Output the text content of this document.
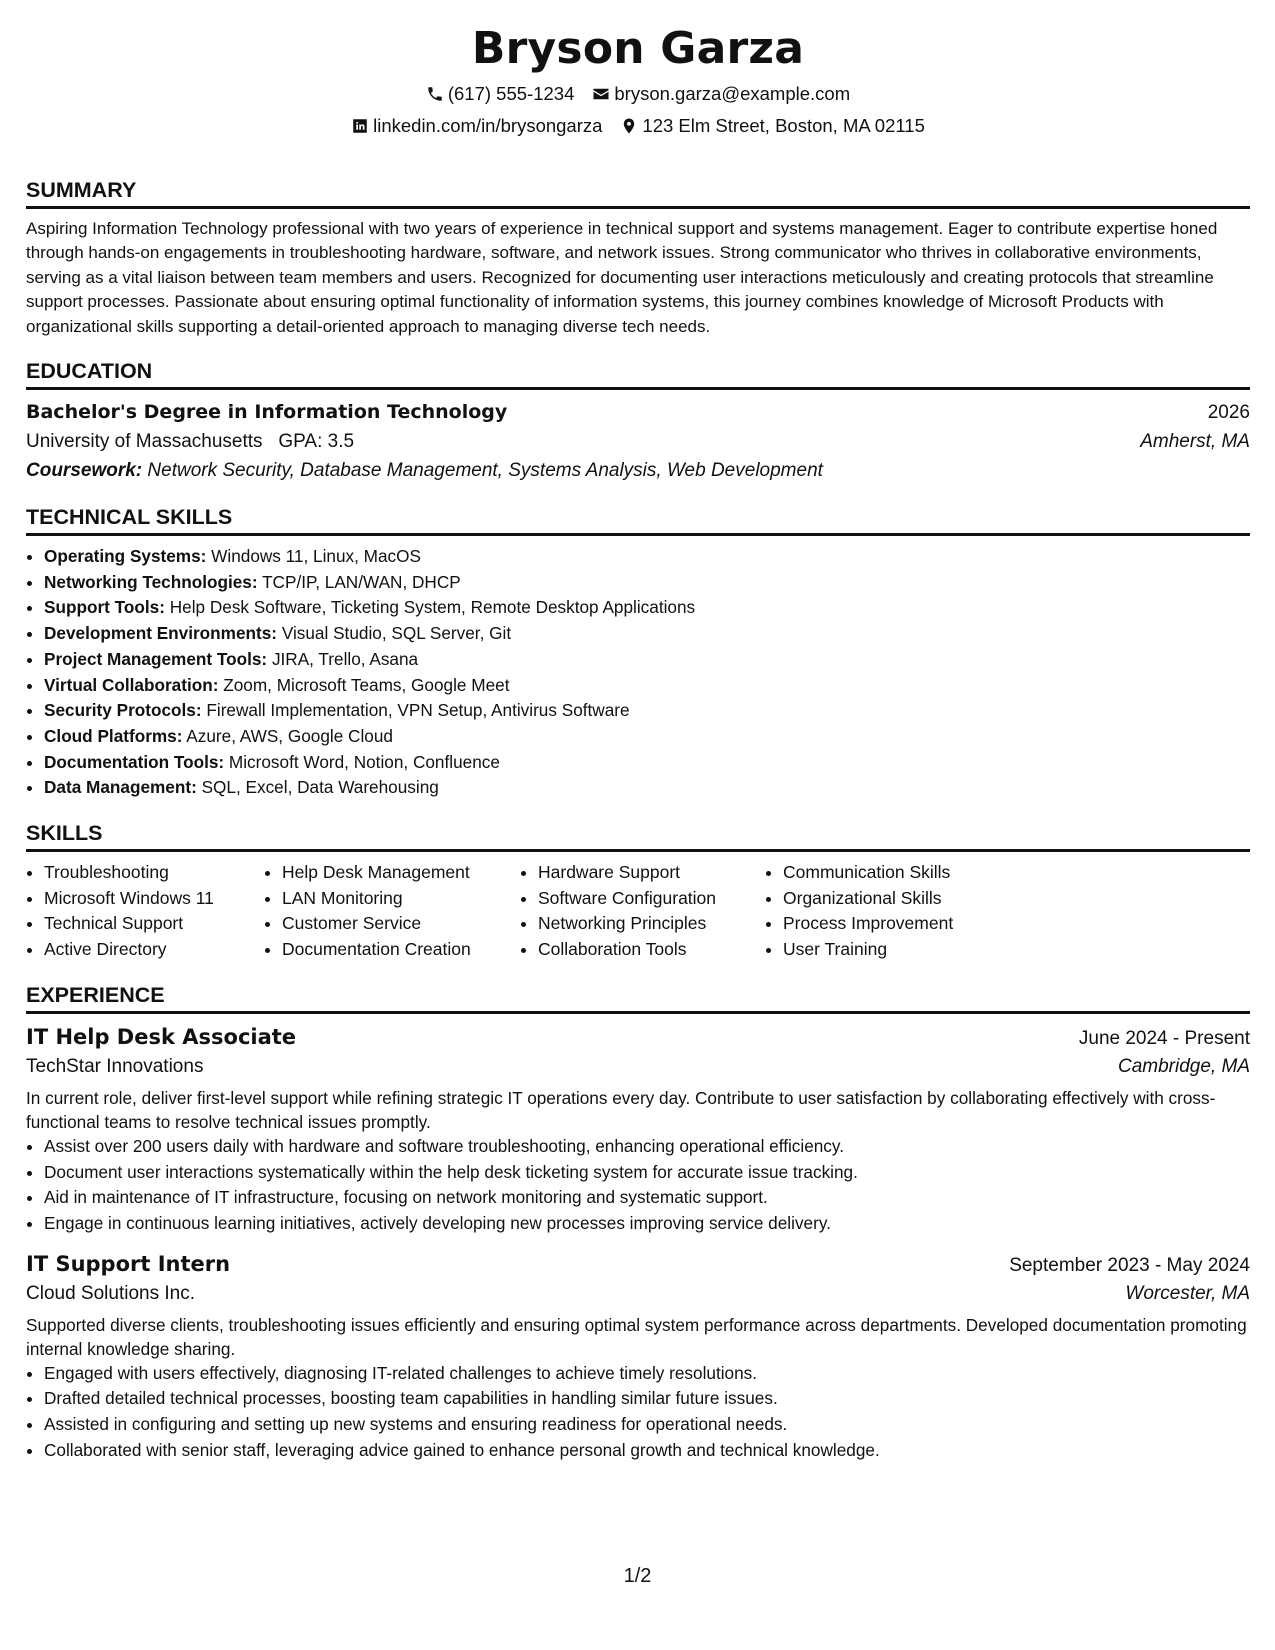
Bryson Garza
(617) 555-1234 bryson.garza@example.com
linkedin.com/in/brysongarza 123 Elm Street, Boston, MA 02115
SUMMARY

Aspiring Information Technology professional with two years of experience in technical support and systems management. Eager to contribute expertise honed through hands-on engagements in troubleshooting hardware, software, and network issues. Strong communicator who thrives in collaborative environments, serving as a vital liaison between team members and users. Recognized for documenting user interactions meticulously and creating protocols that streamline support processes. Passionate about ensuring optimal functionality of information systems, this journey combines knowledge of Microsoft Products with organizational skills supporting a detail-oriented approach to managing diverse tech needs.

EDUCATION
Bachelor's Degree in Information Technology	2026
University of Massachusetts GPA: 3.5	Amherst, MA
Coursework: Network Security, Database Management, Systems Analysis, Web Development
TECHNICAL SKILLS
• Operating Systems: Windows 11, Linux, MacOS
• Networking Technologies: TCP/IP, LAN/WAN, DHCP
• Support Tools: Help Desk Software, Ticketing System, Remote Desktop Applications
• Development Environments: Visual Studio, SQL Server, Git
• Project Management Tools: JIRA, Trello, Asana
• Virtual Collaboration: Zoom, Microsoft Teams, Google Meet
• Security Protocols: Firewall Implementation, VPN Setup, Antivirus Software
• Cloud Platforms: Azure, AWS, Google Cloud
• Documentation Tools: Microsoft Word, Notion, Confluence
• Data Management: SQL, Excel, Data Warehousing
SKILLS
• Troubleshooting
• Microsoft Windows 11
• Technical Support
• Active Directory
• Help Desk Management
• LAN Monitoring
• Customer Service
• Documentation Creation
• Hardware Support
• Software Configuration
• Networking Principles
• Collaboration Tools
• Communication Skills
• Organizational Skills
• Process Improvement
• User Training
EXPERIENCE
IT Help Desk Associate	June 2024 - Present
TechStar Innovations	Cambridge, MA

In current role, deliver first-level support while refining strategic IT operations every day. Contribute to user satisfaction by collaborating effectively with cross-functional teams to resolve technical issues promptly.

• Assist over 200 users daily with hardware and software troubleshooting, enhancing operational efficiency.
• Document user interactions systematically within the help desk ticketing system for accurate issue tracking.
• Aid in maintenance of IT infrastructure, focusing on network monitoring and systematic support.
• Engage in continuous learning initiatives, actively developing new processes improving service delivery.
IT Support Intern	September 2023 - May 2024
Cloud Solutions Inc.	Worcester, MA

Supported diverse clients, troubleshooting issues efficiently and ensuring optimal system performance across departments. Developed documentation promoting internal knowledge sharing.

• Engaged with users effectively, diagnosing IT-related challenges to achieve timely resolutions.
• Drafted detailed technical processes, boosting team capabilities in handling similar future issues.
• Assisted in configuring and setting up new systems and ensuring readiness for operational needs.
• Collaborated with senior staff, leveraging advice gained to enhance personal growth and technical knowledge.
1/2
